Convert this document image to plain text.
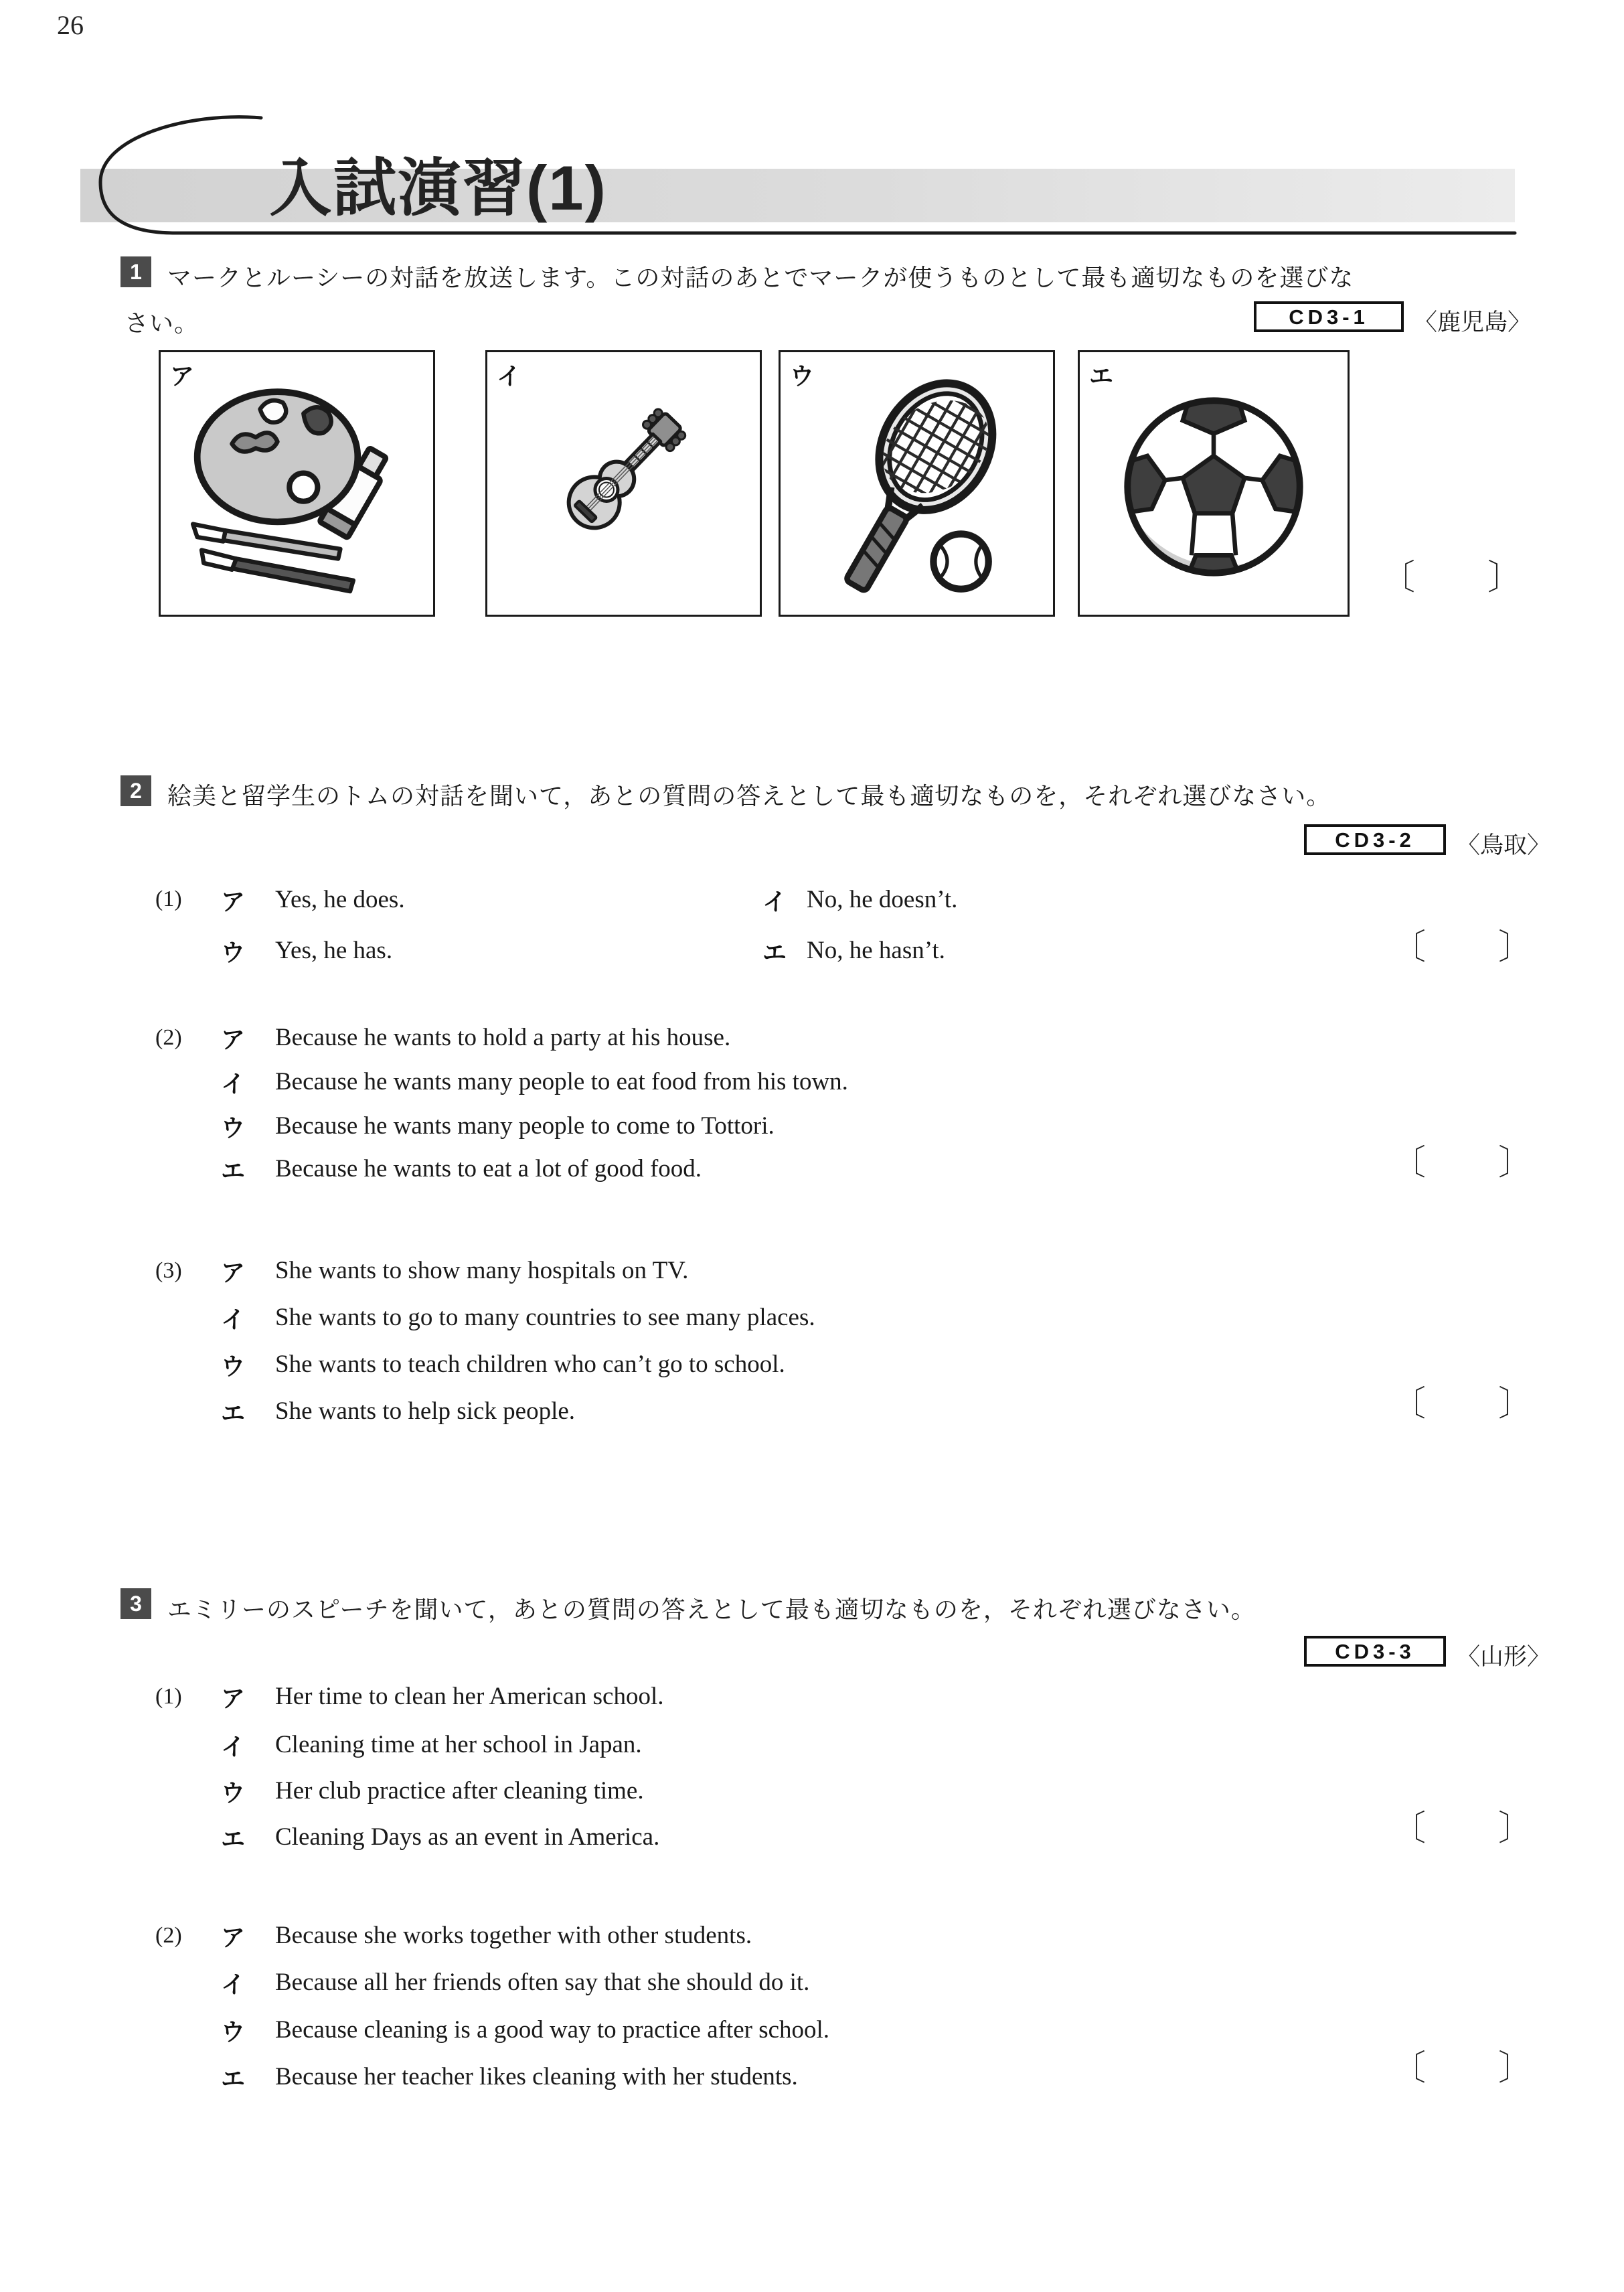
26
入試演習(1)
1	マークとルーシーの対話を放送します。この対話のあとでマークが使うものとして最も適切なものを選びな
さい。	CD3-1	〈鹿児島〉
ア	イ	ウ	エ
〔 〕
2	絵美と留学生のトムの対話を聞いて，あとの質問の答えとして最も適切なものを，それぞれ選びなさい。
CD3-2	〈鳥取〉
(1) ア Yes, he does.	イ No, he doesn’t.
ウ Yes, he has.	エ No, he hasn’t.	〔 〕
(2) ア Because he wants to hold a party at his house.
イ Because he wants many people to eat food from his town.
ウ Because he wants many people to come to Tottori.
エ Because he wants to eat a lot of good food.	〔 〕
(3) ア She wants to show many hospitals on TV.
イ She wants to go to many countries to see many places.
ウ She wants to teach children who can’t go to school.
エ She wants to help sick people.	〔 〕
3	エミリーのスピーチを聞いて，あとの質問の答えとして最も適切なものを，それぞれ選びなさい。
CD3-3	〈山形〉
(1) ア Her time to clean her American school.
イ Cleaning time at her school in Japan.
ウ Her club practice after cleaning time.
エ Cleaning Days as an event in America.	〔 〕
(2) ア Because she works together with other students.
イ Because all her friends often say that she should do it.
ウ Because cleaning is a good way to practice after school.
エ Because her teacher likes cleaning with her students.	〔 〕
